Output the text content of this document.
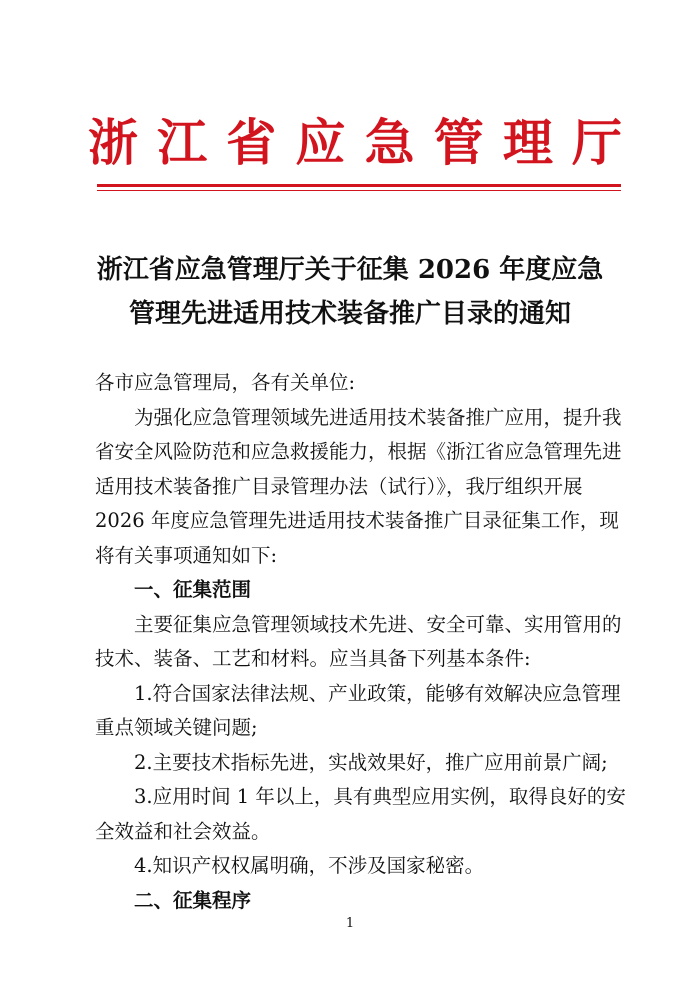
浙 江 省 应 急 管 理 厅
浙江省应急管理厅关于征集 2026 年度应急
管理先进适用技术装备推广目录的通知

各市应急管理局，各有关单位:

为强化应急管理领域先进适用技术装备推广应用，提升我省安全风险防范和应急救援能力，根据《浙江省应急管理先进适用技术装备推广目录管理办法（试行）》，我厅组织开展 2026 年度应急管理先进适用技术装备推广目录征集工作，现将有关事项通知如下:

一、征集范围

主要征集应急管理领域技术先进、安全可靠、实用管用的技术、装备、工艺和材料。应当具备下列基本条件:

1.符合国家法律法规、产业政策，能够有效解决应急管理重点领域关键问题;

2.主要技术指标先进，实战效果好，推广应用前景广阔;

3.应用时间 1 年以上，具有典型应用实例，取得良好的安全效益和社会效益。

4.知识产权权属明确，不涉及国家秘密。

二、征集程序

1
